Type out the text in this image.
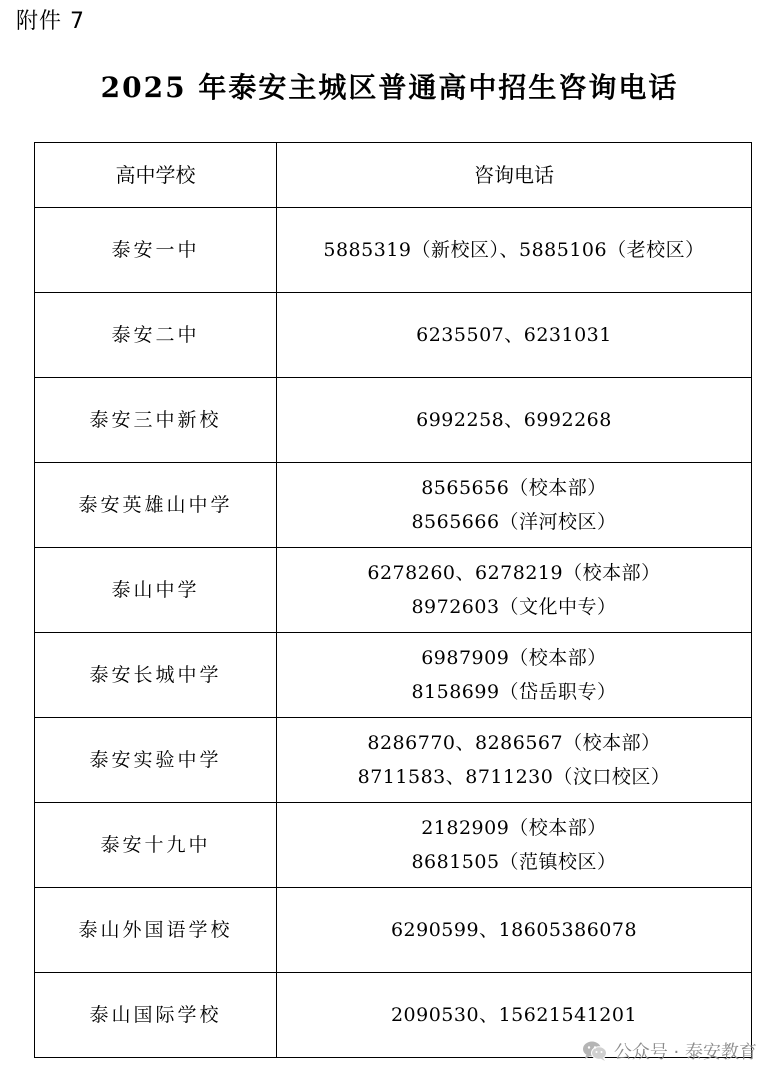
附件 7
2025 年泰安主城区普通高中招生咨询电话
高中学校	咨询电话
泰安一中	5885319（新校区）、5885106（老校区）

泰安二中	6235507、6231031

泰安三中新校	6992258、6992268

泰安英雄山中学	8565656（校本部）
8565666（洋河校区）

泰山中学	6278260、6278219（校本部）
8972603（文化中专）

泰安长城中学	6987909（校本部）
8158699（岱岳职专）

泰安实验中学	8286770、8286567（校本部）
8711583、8711230（汶口校区）

泰安十九中	2182909（校本部）
8681505（范镇校区）

泰山外国语学校	6290599、18605386078

泰山国际学校	2090530、15621541201
公众号 · 泰安教育
